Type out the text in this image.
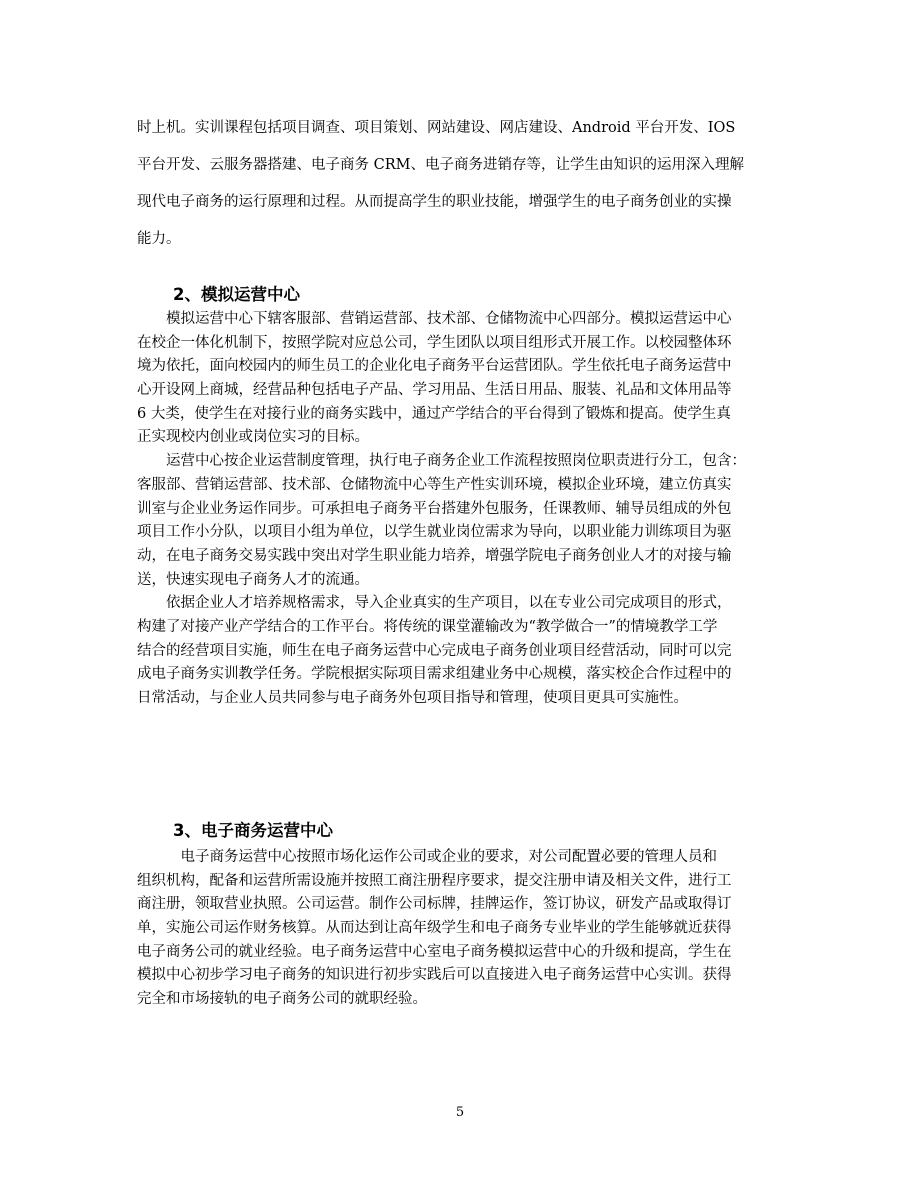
时上机。实训课程包括项目调查、项目策划、网站建设、网店建设、Android 平台开发、IOS
平台开发、云服务器搭建、电子商务 CRM、电子商务进销存等，让学生由知识的运用深入理解
现代电子商务的运行原理和过程。从而提高学生的职业技能，增强学生的电子商务创业的实操
能力。
2、模拟运营中心
　　模拟运营中心下辖客服部、营销运营部、技术部、仓储物流中心四部分。模拟运营运中心
在校企一体化机制下，按照学院对应总公司，学生团队以项目组形式开展工作。以校园整体环
境为依托，面向校园内的师生员工的企业化电子商务平台运营团队。学生依托电子商务运营中
心开设网上商城，经营品种包括电子产品、学习用品、生活日用品、服装、礼品和文体用品等
6 大类，使学生在对接行业的商务实践中，通过产学结合的平台得到了锻炼和提高。使学生真
正实现校内创业或岗位实习的目标。
　　运营中心按企业运营制度管理，执行电子商务企业工作流程按照岗位职责进行分工，包含：
客服部、营销运营部、技术部、仓储物流中心等生产性实训环境，模拟企业环境，建立仿真实
训室与企业业务运作同步。可承担电子商务平台搭建外包服务，任课教师、辅导员组成的外包
项目工作小分队，以项目小组为单位，以学生就业岗位需求为导向，以职业能力训练项目为驱
动，在电子商务交易实践中突出对学生职业能力培养，增强学院电子商务创业人才的对接与输
送，快速实现电子商务人才的流通。
　　依据企业人才培养规格需求，导入企业真实的生产项目，以在专业公司完成项目的形式，
构建了对接产业产学结合的工作平台。将传统的课堂灌输改为“教学做合一”的情境教学工学
结合的经营项目实施，师生在电子商务运营中心完成电子商务创业项目经营活动，同时可以完
成电子商务实训教学任务。学院根据实际项目需求组建业务中心规模，落实校企合作过程中的
日常活动，与企业人员共同参与电子商务外包项目指导和管理，使项目更具可实施性。
3、电子商务运营中心
　　　电子商务运营中心按照市场化运作公司或企业的要求，对公司配置必要的管理人员和
组织机构，配备和运营所需设施并按照工商注册程序要求，提交注册申请及相关文件，进行工
商注册，领取营业执照。公司运营。制作公司标牌，挂牌运作，签订协议，研发产品或取得订
单，实施公司运作财务核算。从而达到让高年级学生和电子商务专业毕业的学生能够就近获得
电子商务公司的就业经验。电子商务运营中心室电子商务模拟运营中心的升级和提高，学生在
模拟中心初步学习电子商务的知识进行初步实践后可以直接进入电子商务运营中心实训。获得
完全和市场接轨的电子商务公司的就职经验。
5
